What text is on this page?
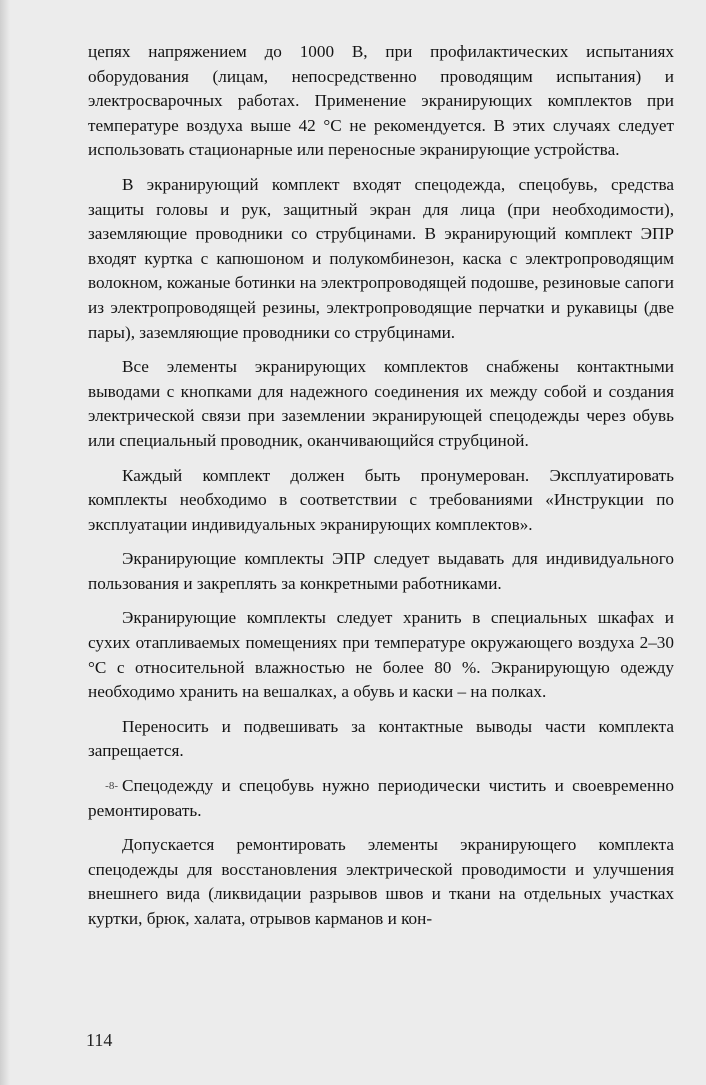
цепях напряжением до 1000 В, при профилактических испытаниях оборудования (лицам, непосредственно проводящим испытания) и электросварочных работах. Применение экранирующих комплектов при температуре воздуха выше 42 °С не рекомендуется. В этих случаях следует использовать стационарные или переносные экранирующие устройства.

В экранирующий комплект входят спецодежда, спецобувь, средства защиты головы и рук, защитный экран для лица (при необходимости), заземляющие проводники со струбцинами. В экранирующий комплект ЭПР входят куртка с капюшоном и полукомбинезон, каска с электропроводящим волокном, кожаные ботинки на электропроводящей подошве, резиновые сапоги из электропроводящей резины, электропроводящие перчатки и рукавицы (две пары), заземляющие проводники со струбцинами.

Все элементы экранирующих комплектов снабжены контактными выводами с кнопками для надежного соединения их между собой и создания электрической связи при заземлении экранирующей спецодежды через обувь или специальный проводник, оканчивающийся струбциной.

Каждый комплект должен быть пронумерован. Эксплуатировать комплекты необходимо в соответствии с требованиями «Инструкции по эксплуатации индивидуальных экранирующих комплектов».

Экранирующие комплекты ЭПР следует выдавать для индивидуального пользования и закреплять за конкретными работниками.

Экранирующие комплекты следует хранить в специальных шкафах и сухих отапливаемых помещениях при температуре окружающего воздуха 2–30 °С с относительной влажностью не более 80 %. Экранирующую одежду необходимо хранить на вешалках, а обувь и каски – на полках.

Переносить и подвешивать за контактные выводы части комплекта запрещается.

-8- Спецодежду и спецобувь нужно периодически чистить и своевременно ремонтировать.

Допускается ремонтировать элементы экранирующего комплекта спецодежды для восстановления электрической проводимости и улучшения внешнего вида (ликвидации разрывов швов и ткани на отдельных участках куртки, брюк, халата, отрывов карманов и кон-

114
